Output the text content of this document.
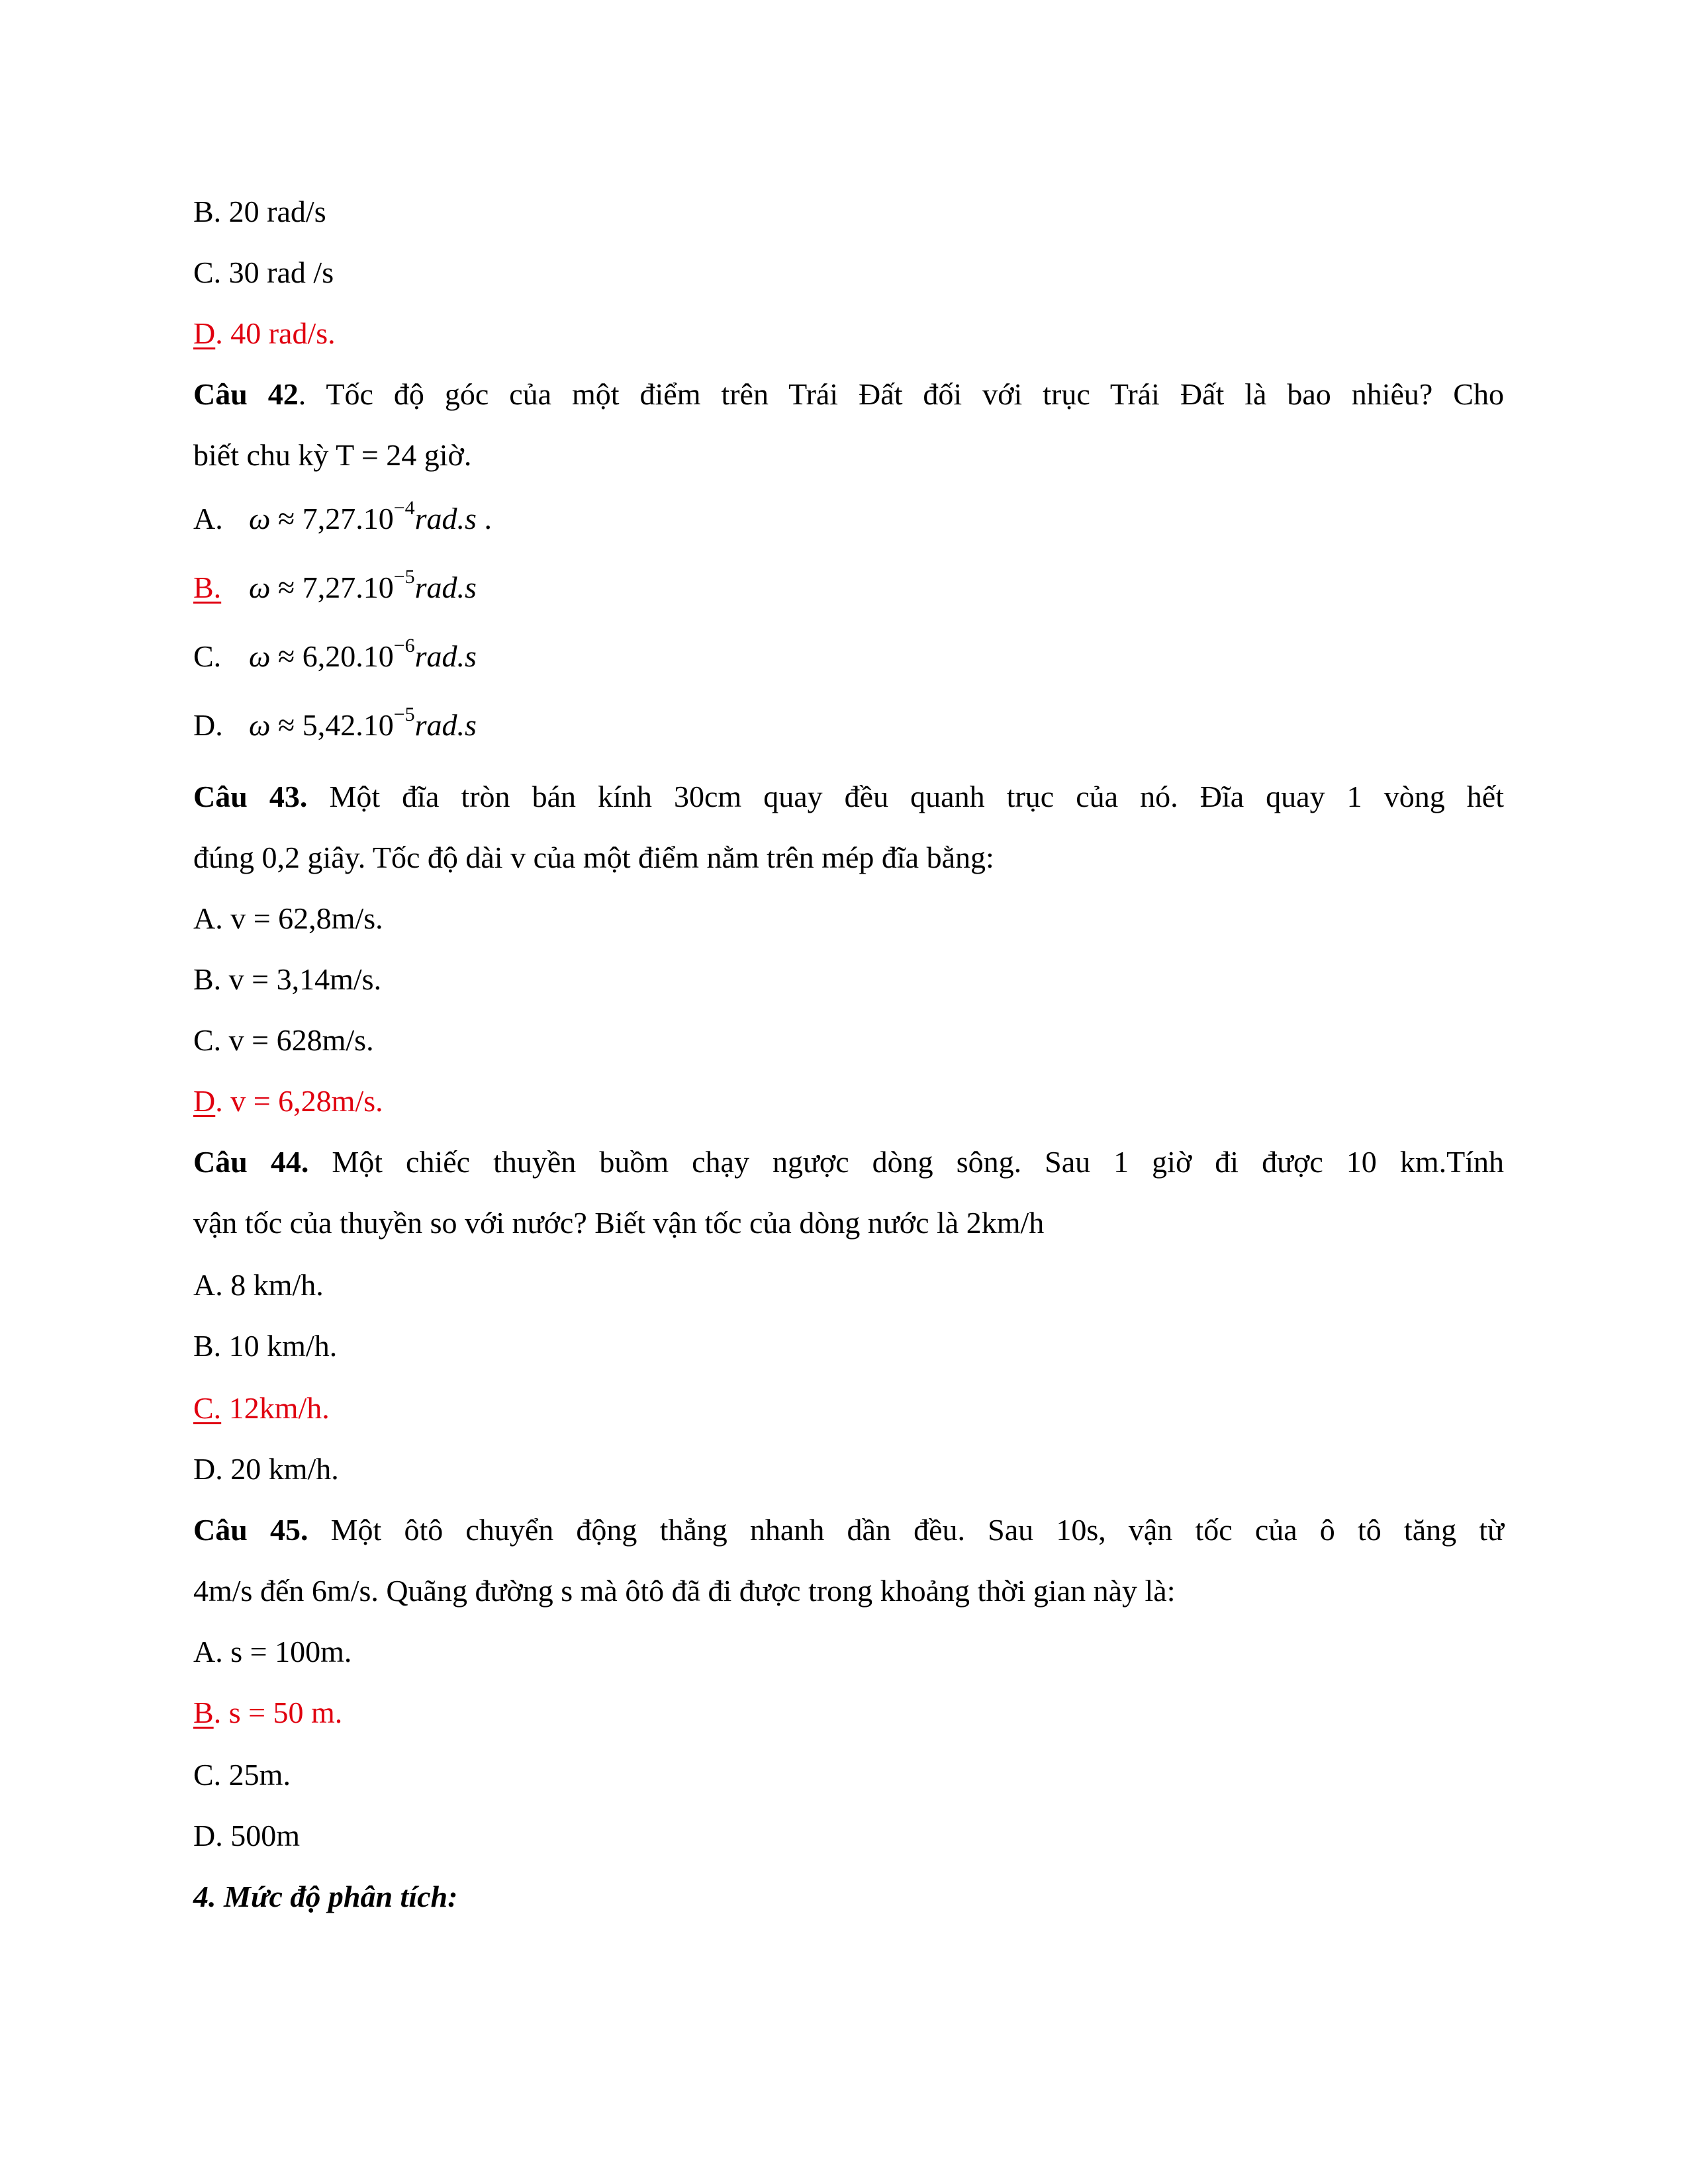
B. 20 rad/s
C. 30 rad /s
D. 40 rad/s.
Câu 42. Tốc độ góc của một điểm trên Trái Đất đối với trục Trái Đất là bao nhiêu? Cho
biết chu kỳ T = 24 giờ.
A. $\omega \approx 7,27.10^{-4}rad.s$ .
B. $\omega \approx 7,27.10^{-5}rad.s$
C. $\omega \approx 6,20.10^{-6}rad.s$
D. $\omega \approx 5,42.10^{-5}rad.s$
Câu 43. Một đĩa tròn bán kính 30cm quay đều quanh trục của nó. Đĩa quay 1 vòng hết
đúng 0,2 giây. Tốc độ dài v của một điểm nằm trên mép đĩa bằng:
A. v = 62,8m/s.
B. v = 3,14m/s.
C. v = 628m/s.
D. v = 6,28m/s.
Câu 44. Một chiếc thuyền buồm chạy ngược dòng sông. Sau 1 giờ đi được 10 km.Tính
vận tốc của thuyền so với nước? Biết vận tốc của dòng nước là 2km/h
A. 8 km/h.
B. 10 km/h.
C. 12km/h.
D. 20 km/h.
Câu 45. Một ôtô chuyển động thẳng nhanh dần đều. Sau 10s, vận tốc của ô tô tăng từ
4m/s đến 6m/s. Quãng đường s mà ôtô đã đi được trong khoảng thời gian này là:
A. s = 100m.
B. s = 50 m.
C. 25m.
D. 500m
4. Mức độ phân tích:
